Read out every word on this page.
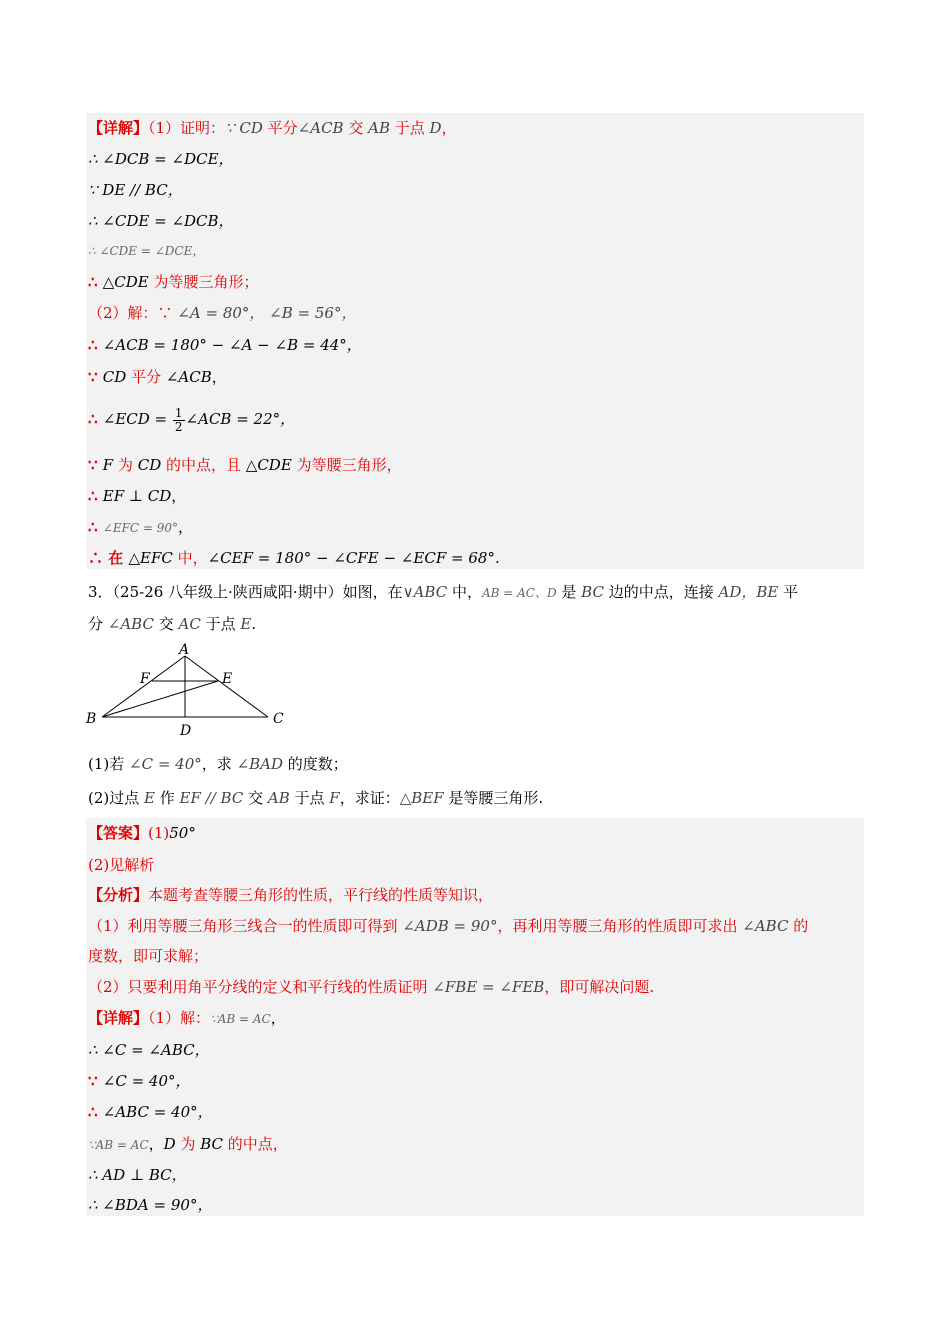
【详解】（1）证明：∵ CD 平分∠ACB 交 AB 于点 D，
∴ ∠DCB = ∠DCE，
∵ DE // BC，
∴ ∠CDE = ∠DCB，
∴ ∠CDE = ∠DCE，
∴ △CDE 为等腰三角形；
（2）解：∵ ∠A = 80°， ∠B = 56°，
∴ ∠ACB = 180° − ∠A − ∠B = 44°，
∵ CD 平分 ∠ACB，
∴ ∠ECD = $\frac{1}{2}$ ∠ACB = 22°，
∵ F 为 CD 的中点，且 △CDE 为等腰三角形，
∴ EF ⊥ CD，
∴ ∠EFC = 90°，
∴ 在 △EFC 中，∠CEF = 180° − ∠CFE − ∠ECF = 68°.
3．（25-26 八年级上·陕西咸阳·期中）如图，在∨ABC 中，AB = AC、D 是 BC 边的中点，连接 AD，BE 平
分 ∠ABC 交 AC 于点 E.
A
F	E
B	C
D
(1)若 ∠C = 40°，求 ∠BAD 的度数；
(2)过点 E 作 EF // BC 交 AB 于点 F，求证：△BEF 是等腰三角形.
【答案】(1)50°
(2)见解析
【分析】本题考查等腰三角形的性质，平行线的性质等知识，
（1）利用等腰三角形三线合一的性质即可得到 ∠ADB = 90°，再利用等腰三角形的性质即可求出 ∠ABC 的
度数，即可求解；
（2）只要利用角平分线的定义和平行线的性质证明 ∠FBE = ∠FEB，即可解决问题.
【详解】（1）解：∵AB = AC，
∴ ∠C = ∠ABC，
∵ ∠C = 40°，
∴ ∠ABC = 40°，
∵AB = AC，D 为 BC 的中点，
∴ AD ⊥ BC，
∴ ∠BDA = 90°，
